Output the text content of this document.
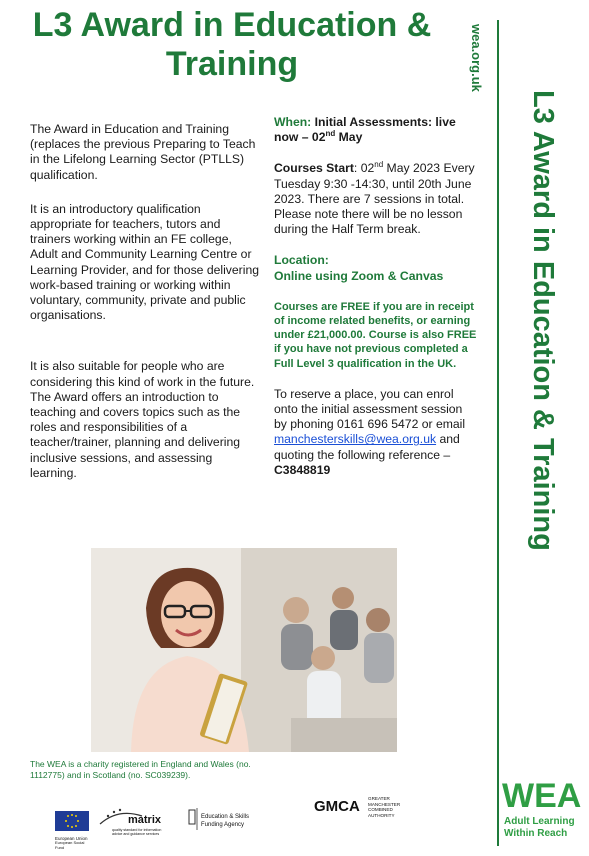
L3 Award in Education & Training	wea.org.uk
L3 Award in Education & Training

The Award in Education and Training (replaces the previous Preparing to Teach in the Lifelong Learning Sector (PTLLS) qualification.

It is an introductory qualification appropriate for teachers, tutors and trainers working within an FE college, Adult and Community Learning Centre or Learning Provider, and for those delivering work-based training or working within voluntary, community, private and public organisations.

It is also suitable for people who are considering this kind of work in the future. The Award offers an introduction to teaching and covers topics such as the roles and responsibilities of a teacher/trainer, planning and delivering inclusive sessions, and assessing learning.

When: Initial Assessments: live now – 02nd May

Courses Start: 02nd May 2023 Every Tuesday 9:30 -14:30, until 20th June 2023. There are 7 sessions in total. Please note there will be no lesson during the Half Term break.

Location:
Online using Zoom & Canvas

Courses are FREE if you are in receipt of income related benefits, or earning under £21,000.00. Course is also FREE if you have not previous completed a Full Level 3 qualification in the UK.

To reserve a place, you can enrol onto the initial assessment session by phoning 0161 696 5472 or email manchesterskills@wea.org.uk and quoting the following reference –
C3848819

The WEA is a charity registered in England and Wales (no. 1112775) and in Scotland (no. SC039239).
European Union
European Social Fund
matrix
quality standard for information advice and guidance services
Education & Skills
Funding Agency
GMCA GREATER MANCHESTER COMBINED AUTHORITY
WEA
Adult Learning
Within Reach
